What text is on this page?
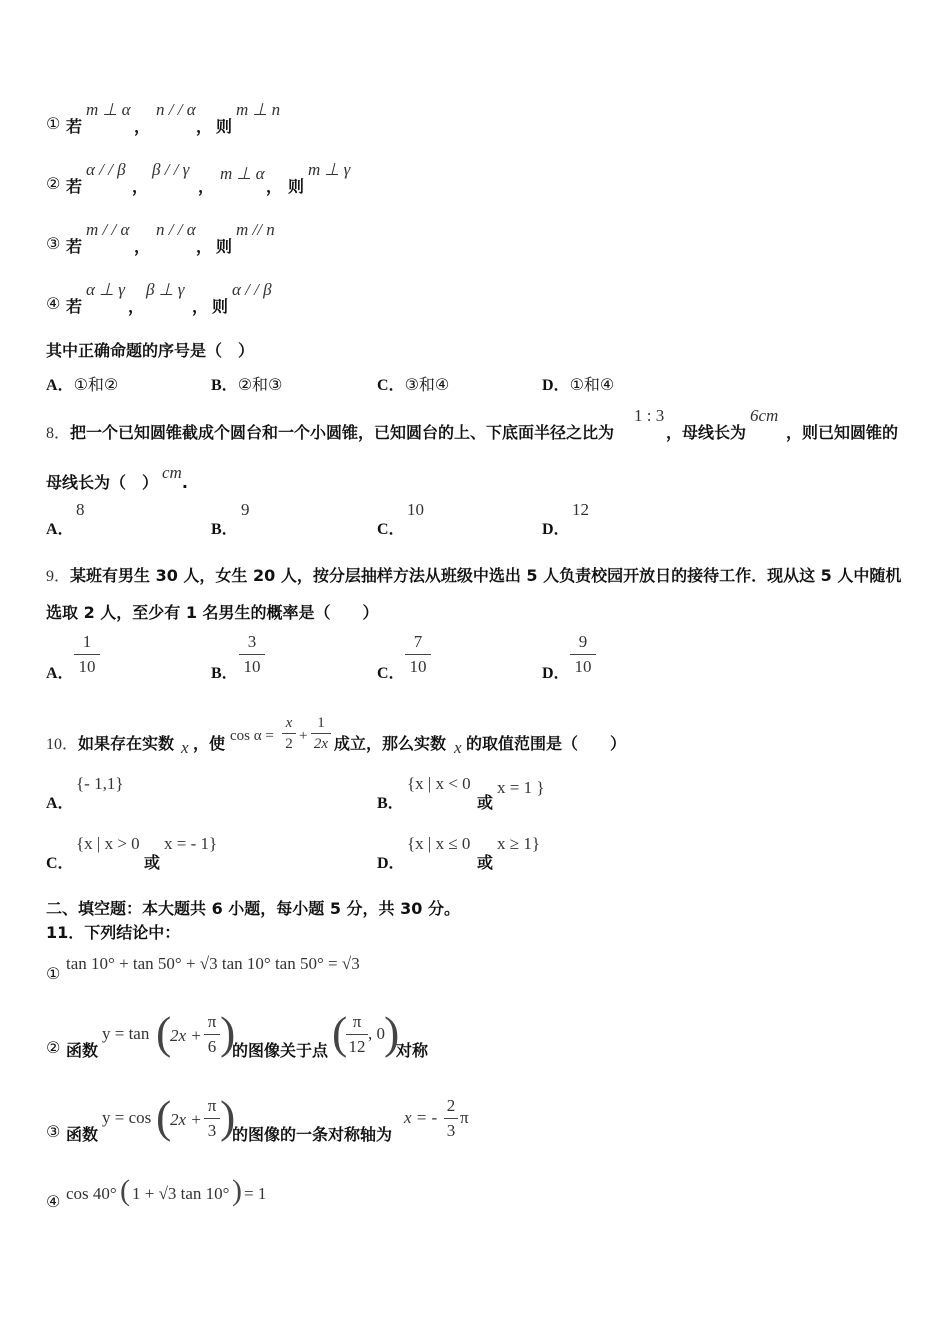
① 若
m ⊥ α
，
n / / α
， 则
m ⊥ n
② 若
α / / β
，
β / / γ
，
m ⊥ α
， 则
m ⊥ γ
③ 若
m / / α
，
n / / α
， 则
m // n
④ 若
α ⊥ γ
，
β ⊥ γ
， 则
α / / β
其中正确命题的序号是（　）
A．①和②	B．②和③	C．③和④	D．①和④
8． 把一个已知圆锥截成个圆台和一个小圆锥，已知圆台的上、下底面半径之比为
1 : 3
，母线长为
6cm
，则已知圆锥的
母线长为（　）cm.
A．
8
B．
9
C．
10
D．
12
9．某班有男生 30 人，女生 20 人，按分层抽样方法从班级中选出 5 人负责校园开放日的接待工作．现从这 5 人中随机
选取 2 人，至少有 1 名男生的概率是（　　）
A．
1
10	B．
3
10	C．
7
10	D．
9
10
10． 如果存在实数 x ，使 cos α =
x
2 +
1
2x 成立，那么实数 x 的取值范围是（　　）
A．
{- 1,1}
B．
{x | x < 0
或
x = 1 }
C．
{x | x > 0
或
x = - 1}
D．
{x | x ≤ 0
或
x ≥ 1}
二、填空题：本大题共 6 小题，每小题 5 分，共 30 分。
11．下列结论中：
①
tan 10° + tan 50° + √3 tan 10° tan 50° = √3
② 函数
y = tan (
2x +
π
6 )
的图像关于点 ( π
12
, 0 )
对称
③ 函数
y = cos (
2x +
π
3 )
的图像的一条对称轴为
x = -
2
3
π
④ cos 40° ( 1 + √3 tan 10° ) = 1
